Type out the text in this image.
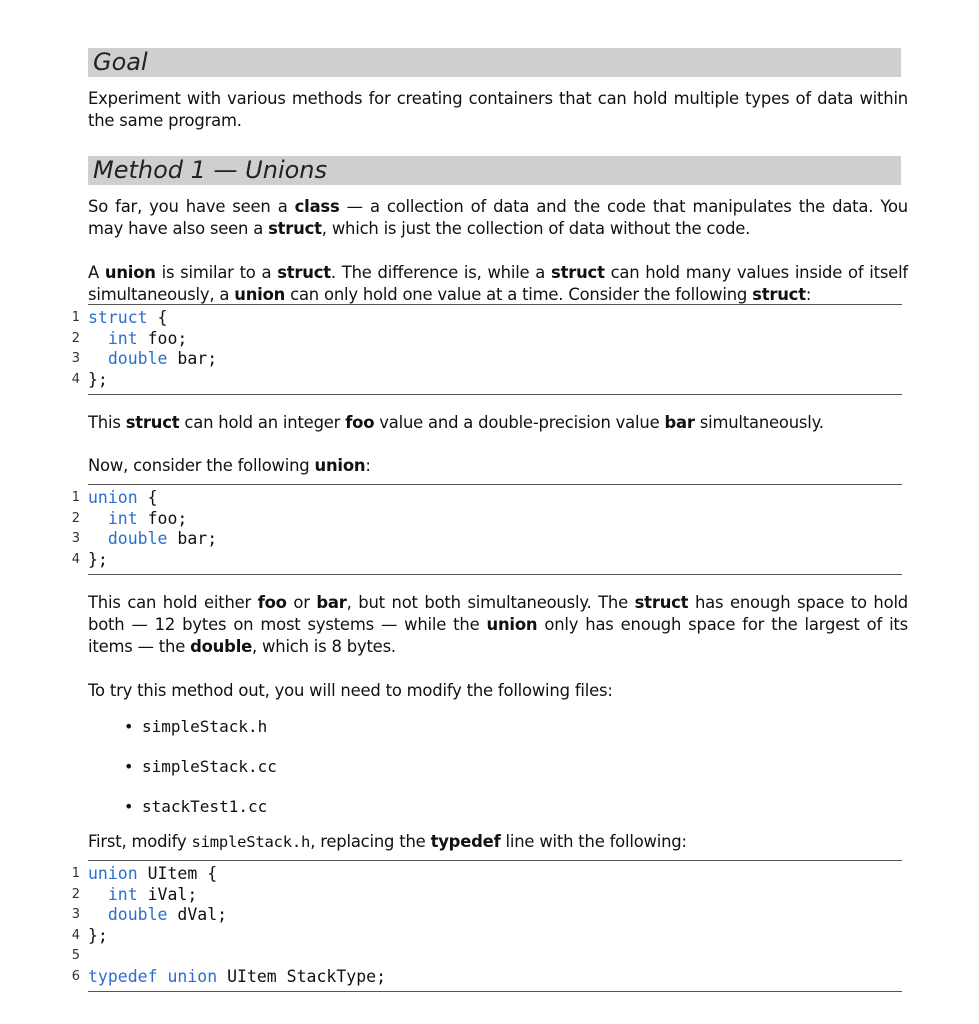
Goal

Experiment with various methods for creating containers that can hold multiple types of data within the same program.

Method 1 — Unions

So far, you have seen a class — a collection of data and the code that manipulates the data. You may have also seen a struct, which is just the collection of data without the code.

A union is similar to a struct. The difference is, while a struct can hold many values inside of itself simultaneously, a union can only hold one value at a time. Consider the following struct:

1 struct {
2	int foo;
3	double bar;
4 };

This struct can hold an integer foo value and a double-precision value bar simultaneously.

Now, consider the following union:

1 union {
2	int foo;
3	double bar;
4 };

This can hold either foo or bar, but not both simultaneously. The struct has enough space to hold both — 12 bytes on most systems — while the union only has enough space for the largest of its items — the double, which is 8 bytes.

To try this method out, you will need to modify the following files:

• simpleStack.h
• simpleStack.cc
• stackTest1.cc

First, modify simpleStack.h, replacing the typedef line with the following:

1 union UItem {
2	int iVal;
3	double dVal;
4 };
5
6 typedef union UItem StackType;
